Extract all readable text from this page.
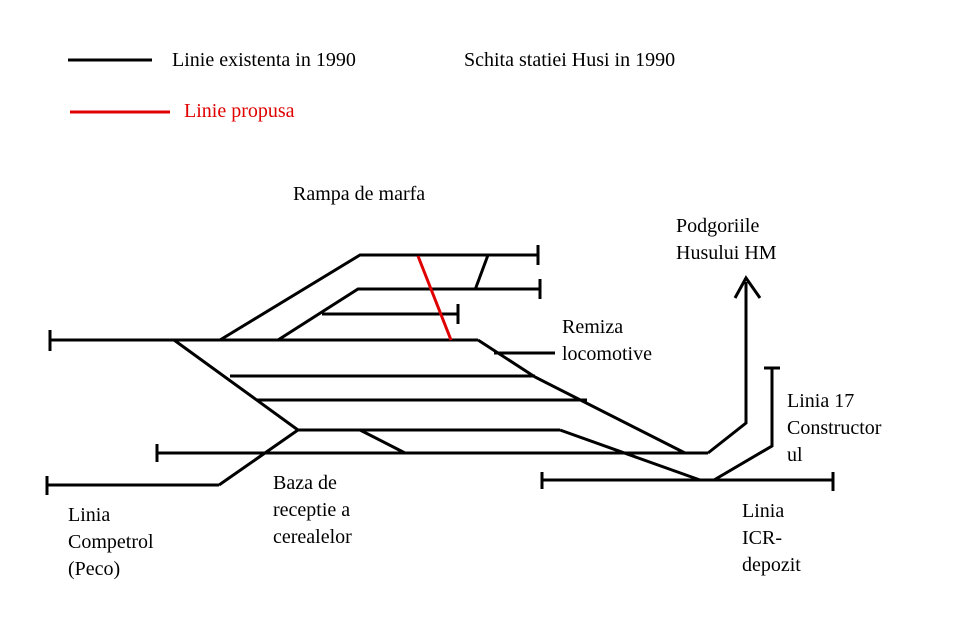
Linie existenta in 1990
Linie propusa
Schita statiei Husi in 1990
Rampa de marfa
Podgoriile
Husului HM
Remiza
locomotive
Linia 17
Constructor
ul
Baza de
receptie a
cerealelor
Linia
Competrol
(Peco)
Linia
ICR-
depozit
